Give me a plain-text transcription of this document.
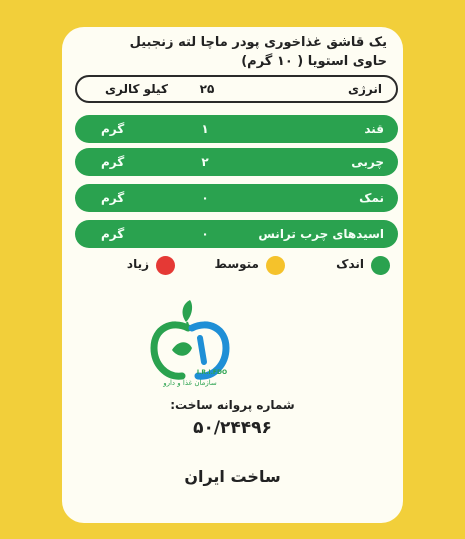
یک قاشق غذاخوری پودر ماچا لته زنجبیل
حاوی استویا ( ۱۰ گرم)
انرژی
۲۵
کیلو کالری
قند
۱
گرم
چربی
۲
گرم
نمک
۰
گرم
اسیدهای چرب ترانس
۰
گرم
اندک
متوسط
زیاد
I.R.I.FDO
سازمان غذا و دارو
شماره پروانه ساخت:
۵۰/۲۴۴۹۶
ساخت ایران
